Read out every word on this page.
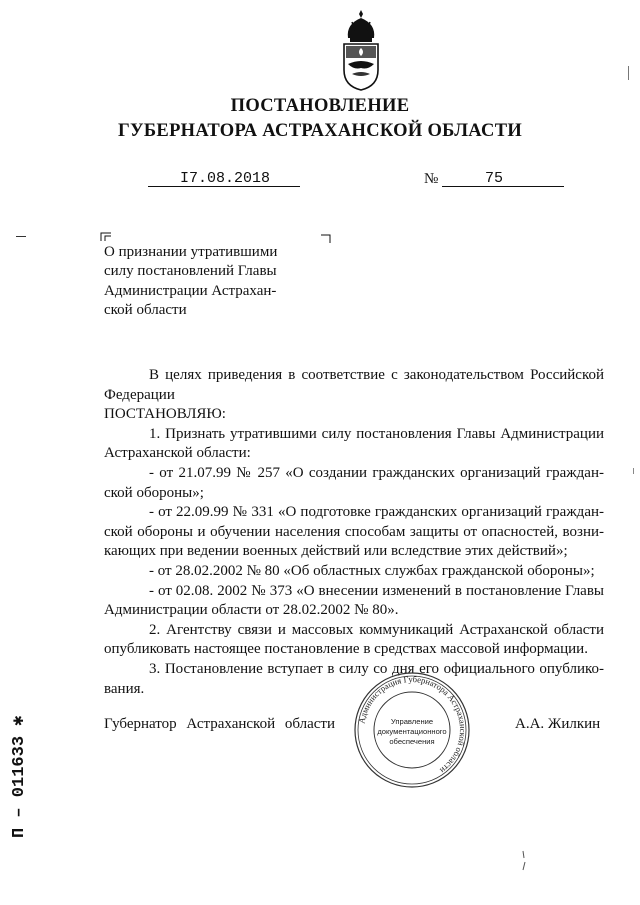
ПОСТАНОВЛЕНИЕ
ГУБЕРНАТОРА АСТРАХАНСКОЙ ОБЛАСТИ
I7.08.2018	№	75
О признании утратившими
силу постановлений Главы
Администрации Астрахан-
ской области

В целях приведения в соответствие с законодательством Российской

Федерации

ПОСТАНОВЛЯЮ:

1. Признать утратившими силу постановления Главы Администрации Астраханской области:

- от 21.07.99 № 257 «О создании гражданских организаций граждан-ской обороны»;

- от 22.09.99 № 331 «О подготовке гражданских организаций граждан-ской обороны и обучении населения способам защиты от опасностей, возни-кающих при ведении военных действий или вследствие этих действий»;

- от 28.02.2002 № 80 «Об областных службах гражданской обороны»;

- от 02.08. 2002 № 373 «О внесении изменений в постановление Главы Администрации области от 28.02.2002 № 80».

2. Агентству связи и массовых коммуникаций Астраханской области опубликовать настоящее постановление в средствах массовой информации.

3. Постановление вступает в силу со дня его официального опублико-вания.

Губернатор Астраханской области	А.А. Жилкин
Администрация Губернатора Астраханской области
Управление
документационного
обеспечения
П – 011633 ✱
